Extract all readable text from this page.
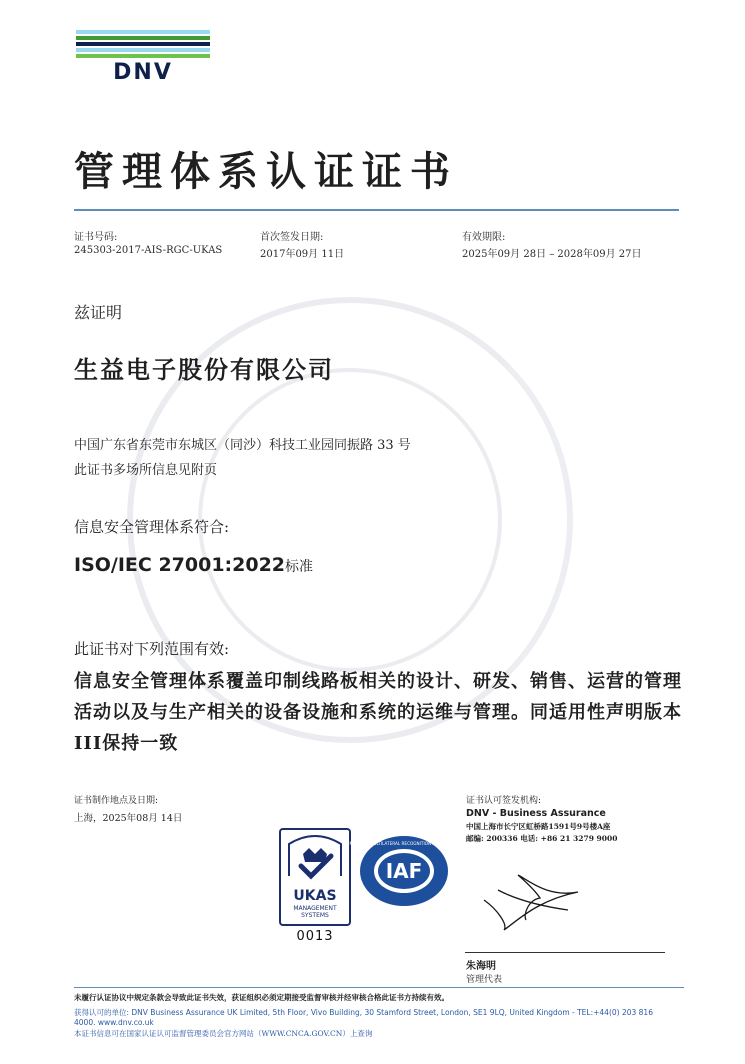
DNV
管理体系认证证书
证书号码:
245303-2017-AIS-RGC-UKAS
首次签发日期:
2017年09月 11日
有效期限:
2025年09月 28日 – 2028年09月 27日
兹证明
生益电子股份有限公司
中国广东省东莞市东城区（同沙）科技工业园同振路 33 号
此证书多场所信息见附页
信息安全管理体系符合:
ISO/IEC 27001:2022标准
此证书对下列范围有效:
信息安全管理体系覆盖印制线路板相关的设计、研发、销售、运营的管理活动以及与生产相关的设备设施和系统的运维与管理。同适用性声明版本III保持一致
证书制作地点及日期:
上海，2025年08月 14日
证书认可签发机构:
DNV - Business Assurance
中国上海市长宁区虹桥路1591号9号楼A座
邮编: 200336 电话: +86 21 3279 9000
UKAS
MANAGEMENT
SYSTEMS
0013
IAF
MEMBER OF MULTILATERAL RECOGNITION ARRANGEMENT
朱海明
管理代表
未履行认证协议中规定条款会导致此证书失效，获证组织必须定期接受监督审核并经审核合格此证书方持续有效。
获得认可的单位: DNV Business Assurance UK Limited, 5th Floor, Vivo Building, 30 Stamford Street, London, SE1 9LQ, United Kingdom - TEL:+44(0) 203 816 4000. www.dnv.co.uk
本证书信息可在国家认证认可监督管理委员会官方网站（WWW.CNCA.GOV.CN）上查询
